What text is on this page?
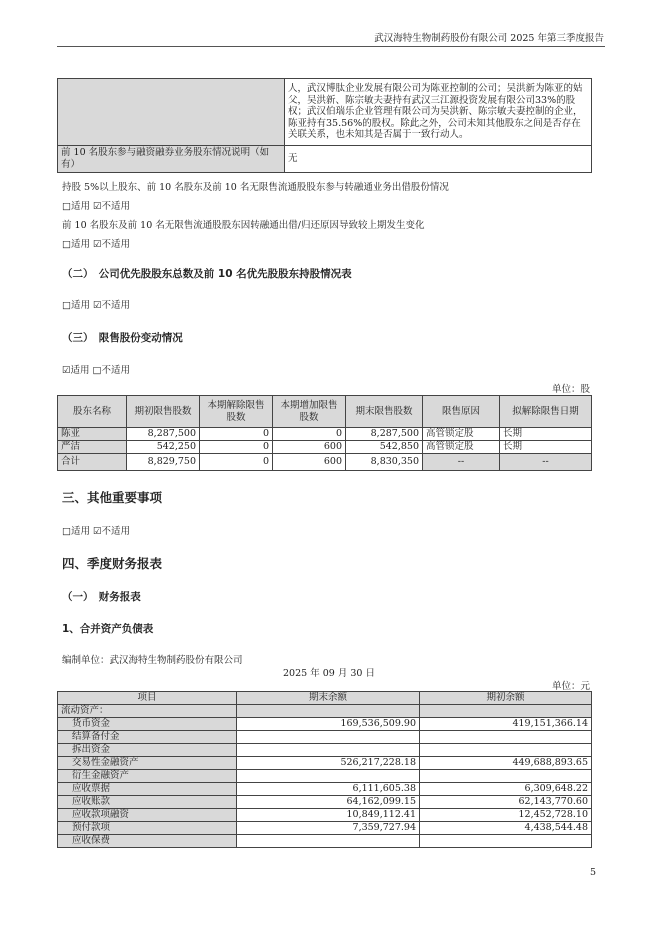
武汉海特生物制药股份有限公司 2025 年第三季度报告
	人，武汉博肽企业发展有限公司为陈亚控制的公司；吴洪新为陈亚的姑父，吴洪新、陈宗敏夫妻持有武汉三江源投资发展有限公司33%的股权；武汉伯瑞乐企业管理有限公司为吴洪新、陈宗敏夫妻控制的企业，陈亚持有35.56%的股权。除此之外，公司未知其他股东之间是否存在关联关系，也未知其是否属于一致行动人。
前 10 名股东参与融资融券业务股东情况说明（如有）	无
持股 5%以上股东、前 10 名股东及前 10 名无限售流通股股东参与转融通业务出借股份情况
□适用 ☑不适用
前 10 名股东及前 10 名无限售流通股股东因转融通出借/归还原因导致较上期发生变化
□适用 ☑不适用
（二）　公司优先股股东总数及前 10 名优先股股东持股情况表
□适用 ☑不适用
（三）　限售股份变动情况
☑适用 □不适用
单位：股
股东名称	期初限售股数	本期解除限售股数	本期增加限售股数	期末限售股数	限售原因	拟解除限售日期
陈亚	8,287,500	0	0	8,287,500	高管锁定股	长期
严洁	542,250	0	600	542,850	高管锁定股	长期
合计	8,829,750	0	600	8,830,350	--	--
三、其他重要事项
□适用 ☑不适用
四、季度财务报表
（一）　财务报表
1、合并资产负债表
编制单位：武汉海特生物制药股份有限公司
2025 年 09 月 30 日
单位：元
项目	期末余额	期初余额
流动资产：		
货币资金	169,536,509.90	419,151,366.14
结算备付金		
拆出资金		
交易性金融资产	526,217,228.18	449,688,893.65
衍生金融资产		
应收票据	6,111,605.38	6,309,648.22
应收账款	64,162,099.15	62,143,770.60
应收款项融资	10,849,112.41	12,452,728.10
预付款项	7,359,727.94	4,438,544.48
应收保费		
5
